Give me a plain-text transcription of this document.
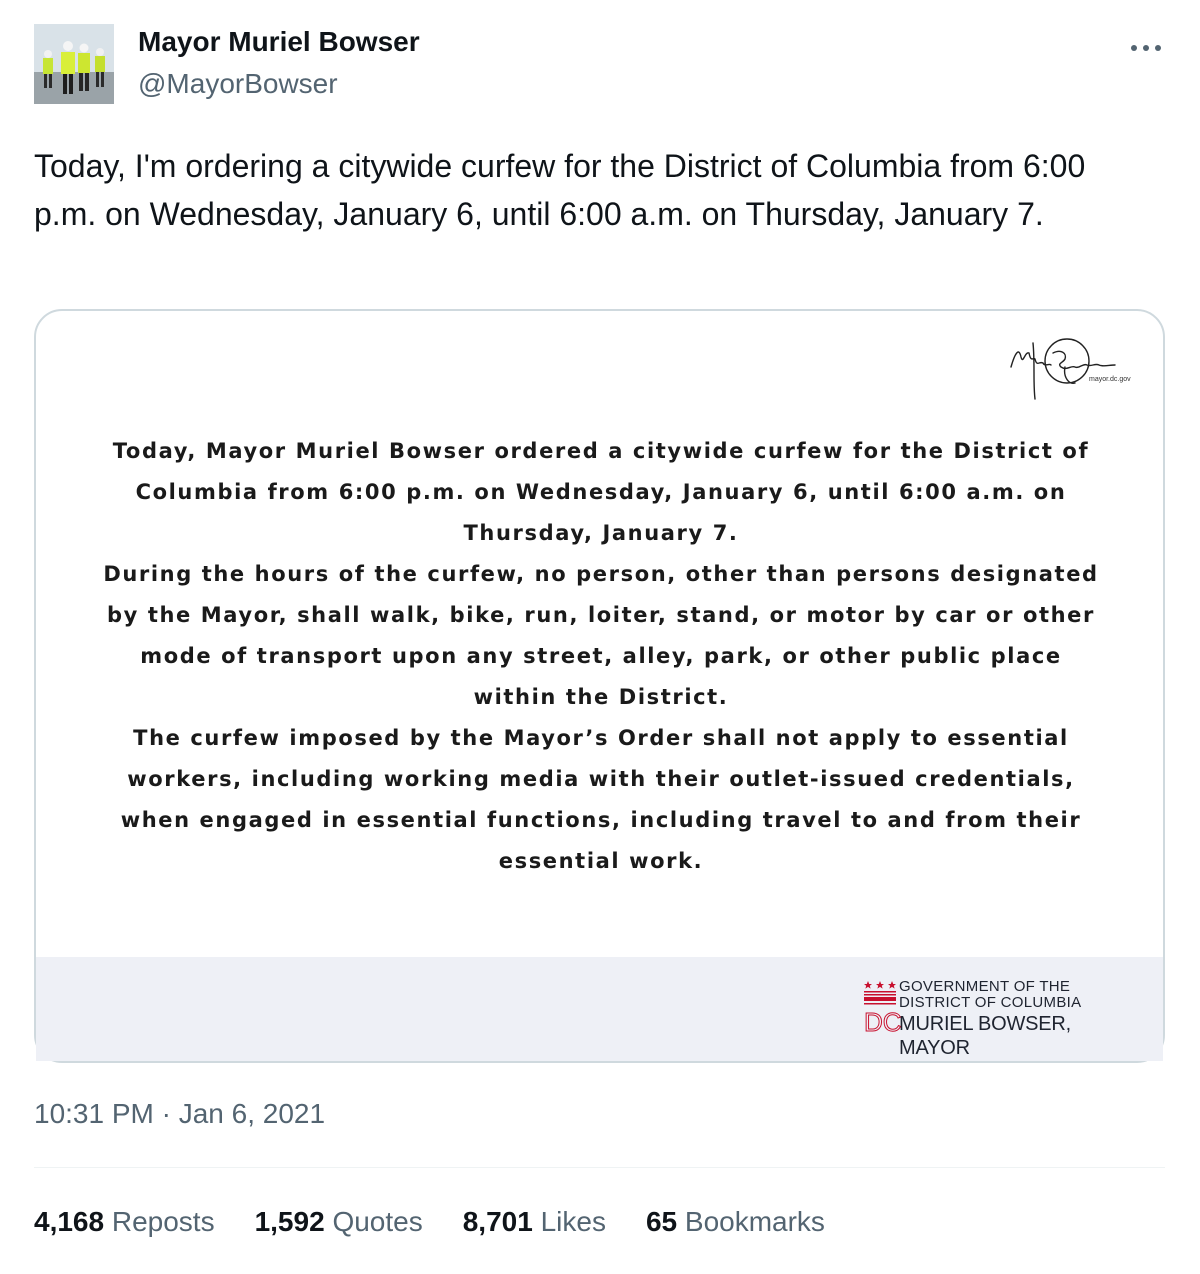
Mayor Muriel Bowser
@MayorBowser
Today, I'm ordering a citywide curfew for the District of Columbia from 6:00 p.m. on Wednesday, January 6, until 6:00 a.m. on Thursday, January 7.
mayor.dc.gov

Today, Mayor Muriel Bowser ordered a citywide curfew for the District of Columbia from 6:00 p.m. on Wednesday, January 6, until 6:00 a.m. on Thursday, January 7.

During the hours of the curfew, no person, other than persons designated by the Mayor, shall walk, bike, run, loiter, stand, or motor by car or other mode of transport upon any street, alley, park, or other public place within the District.

The curfew imposed by the Mayor’s Order shall not apply to essential workers, including working media with their outlet-issued credentials, when engaged in essential functions, including travel to and from their essential work.

DC
GOVERNMENT OF THE
DISTRICT OF COLUMBIA
MURIEL BOWSER, MAYOR
10:31 PM · Jan 6, 2021
4,168 Reposts 1,592 Quotes 8,701 Likes 65 Bookmarks
